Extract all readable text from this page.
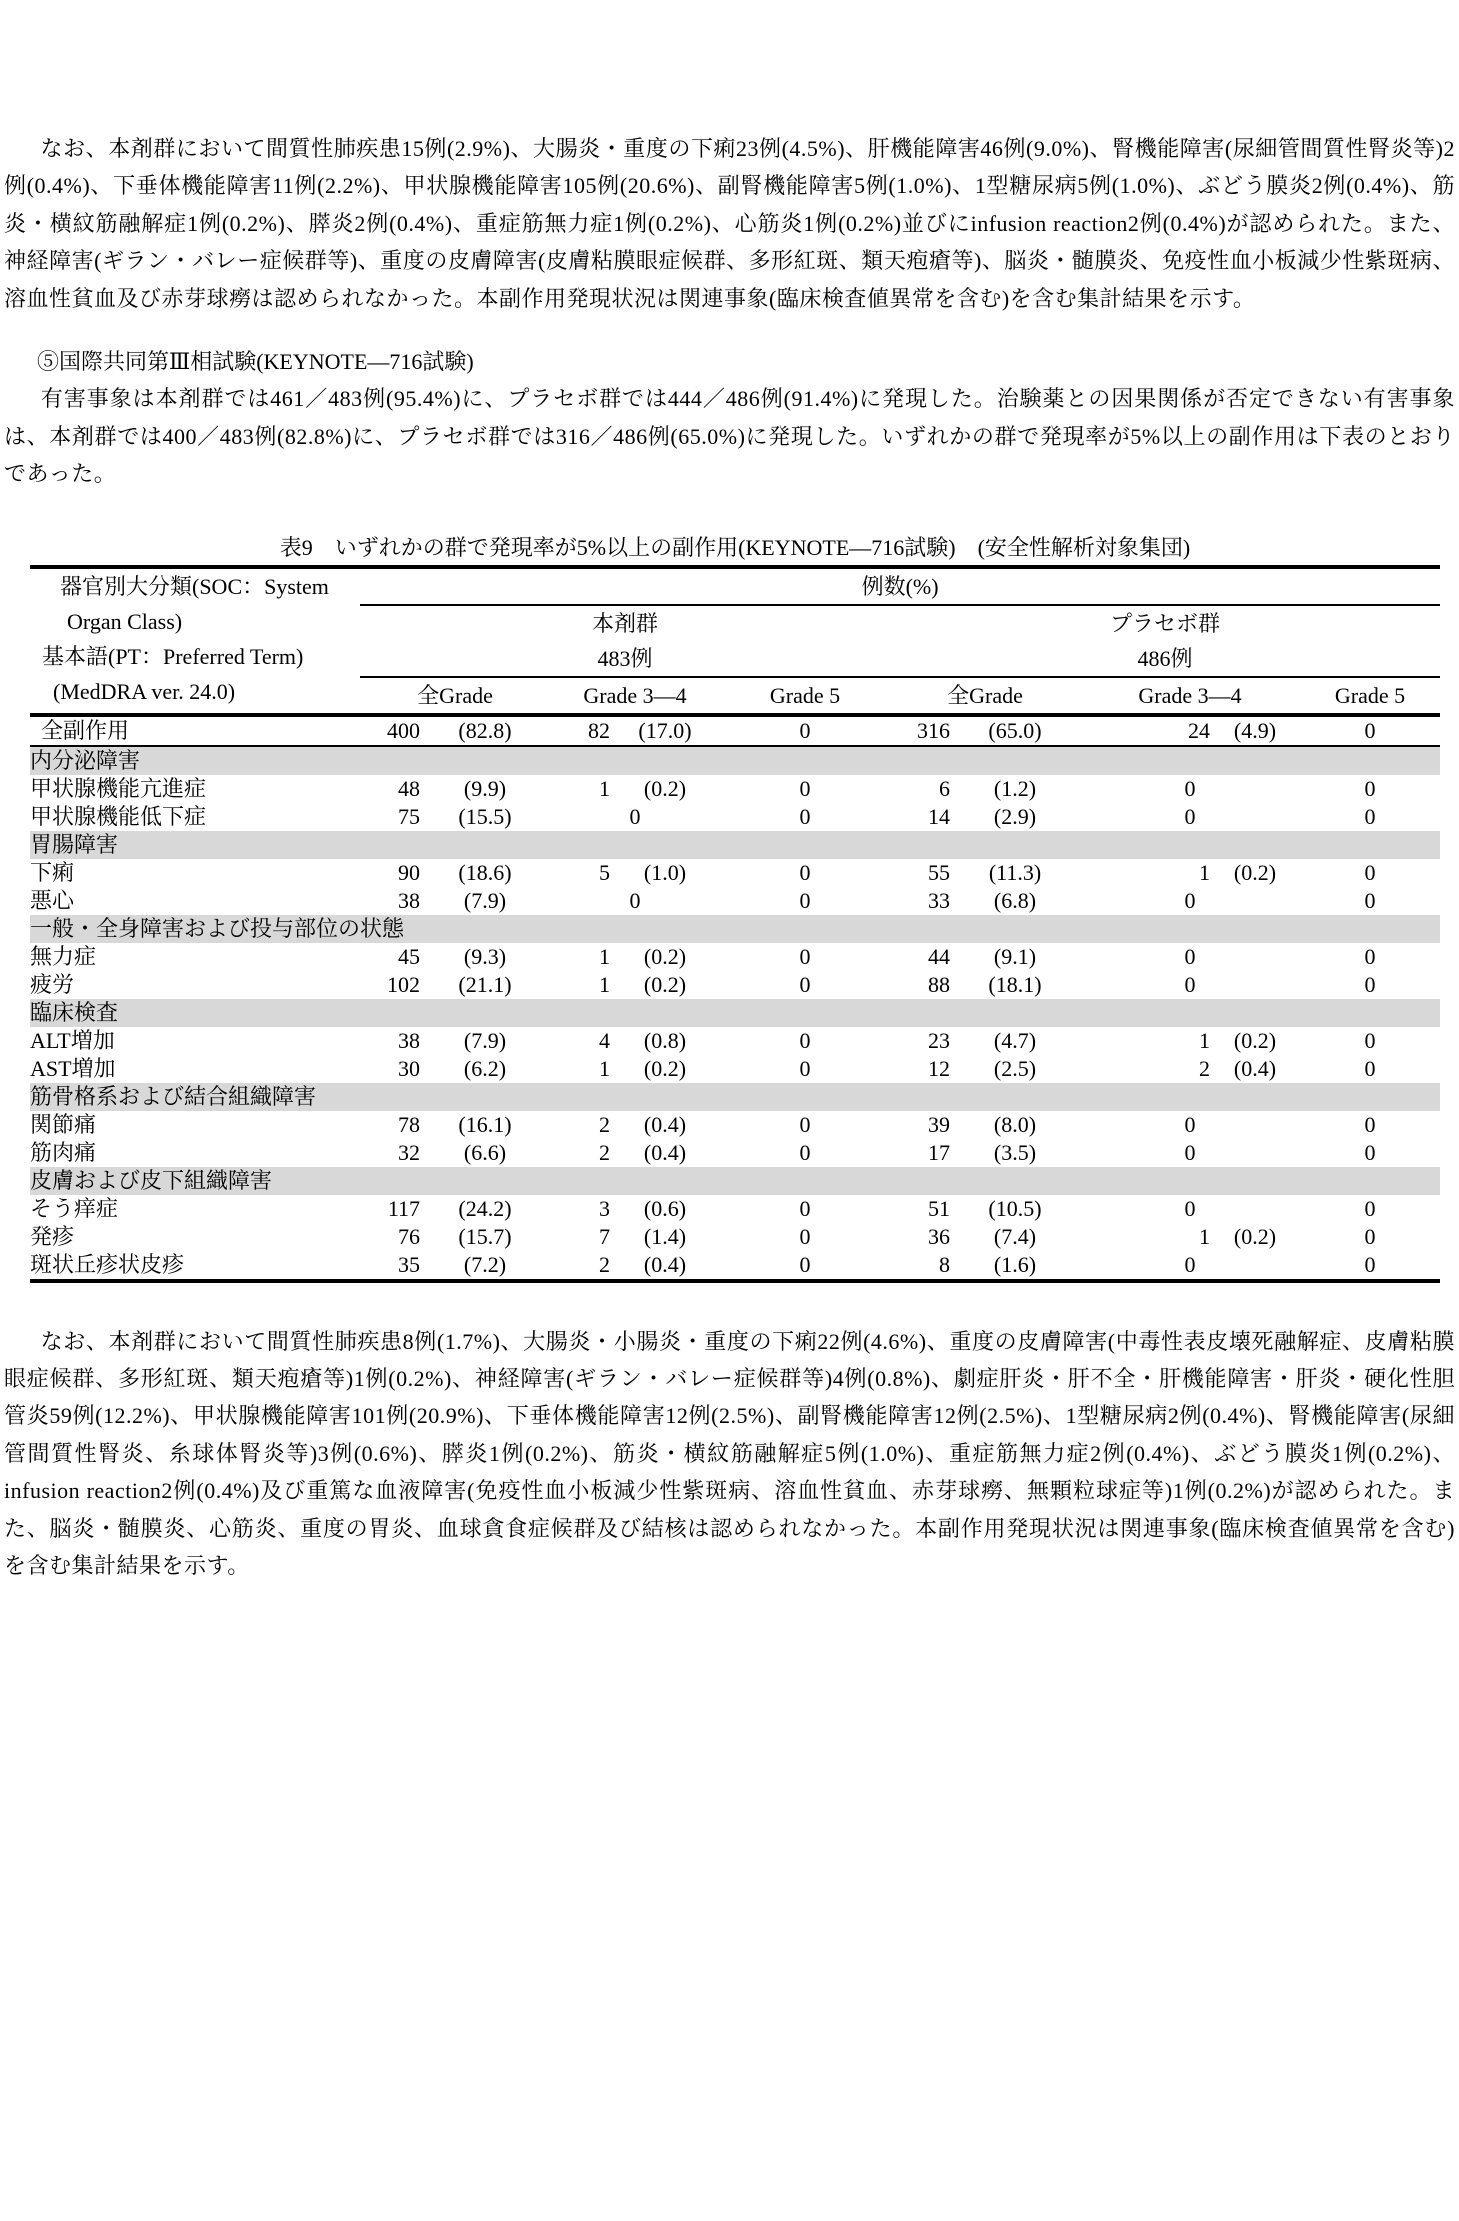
　なお、本剤群において間質性肺疾患15例(2.9%)、大腸炎・重度の下痢23例(4.5%)、肝機能障害46例(9.0%)、腎機能障害(尿細管間質性腎炎等)2例(0.4%)、下垂体機能障害11例(2.2%)、甲状腺機能障害105例(20.6%)、副腎機能障害5例(1.0%)、1型糖尿病5例(1.0%)、ぶどう膜炎2例(0.4%)、筋炎・横紋筋融解症1例(0.2%)、膵炎2例(0.4%)、重症筋無力症1例(0.2%)、心筋炎1例(0.2%)並びにinfusion reaction2例(0.4%)が認められた。また、神経障害(ギラン・バレー症候群等)、重度の皮膚障害(皮膚粘膜眼症候群、多形紅斑、類天疱瘡等)、脳炎・髄膜炎、免疫性血小板減少性紫斑病、溶血性貧血及び赤芽球癆は認められなかった。本副作用発現状況は関連事象(臨床検査値異常を含む)を含む集計結果を示す。

⑤国際共同第Ⅲ相試験(KEYNOTE—716試験)

　有害事象は本剤群では461／483例(95.4%)に、プラセボ群では444／486例(91.4%)に発現した。治験薬との因果関係が否定できない有害事象は、本剤群では400／483例(82.8%)に、プラセボ群では316／486例(65.0%)に発現した。いずれかの群で発現率が5%以上の副作用は下表のとおりであった。

表9　いずれかの群で発現率が5%以上の副作用(KEYNOTE—716試験)　(安全性解析対象集団)
器官別大分類(SOC：System
Organ Class)
基本語(PT：Preferred Term)
(MedDRA ver. 24.0)	例数(%)									
	本剤群					プラセボ群				
	483例					486例				
	全Grade		Grade 3—4		Grade 5	全Grade		Grade 3—4		Grade 5
全副作用	400	(82.8)	82	(17.0)	0	316	(65.0)	24	(4.9)	0
内分泌障害										
甲状腺機能亢進症	48	(9.9)	1	(0.2)	0	6	(1.2)	0		0
甲状腺機能低下症	75	(15.5)	0		0	14	(2.9)	0		0
胃腸障害										
下痢	90	(18.6)	5	(1.0)	0	55	(11.3)	1	(0.2)	0
悪心	38	(7.9)	0		0	33	(6.8)	0		0
一般・全身障害および投与部位の状態										
無力症	45	(9.3)	1	(0.2)	0	44	(9.1)	0		0
疲労	102	(21.1)	1	(0.2)	0	88	(18.1)	0		0
臨床検査										
ALT増加	38	(7.9)	4	(0.8)	0	23	(4.7)	1	(0.2)	0
AST増加	30	(6.2)	1	(0.2)	0	12	(2.5)	2	(0.4)	0
筋骨格系および結合組織障害										
関節痛	78	(16.1)	2	(0.4)	0	39	(8.0)	0		0
筋肉痛	32	(6.6)	2	(0.4)	0	17	(3.5)	0		0
皮膚および皮下組織障害										
そう痒症	117	(24.2)	3	(0.6)	0	51	(10.5)	0		0
発疹	76	(15.7)	7	(1.4)	0	36	(7.4)	1	(0.2)	0
斑状丘疹状皮疹	35	(7.2)	2	(0.4)	0	8	(1.6)	0		0

　なお、本剤群において間質性肺疾患8例(1.7%)、大腸炎・小腸炎・重度の下痢22例(4.6%)、重度の皮膚障害(中毒性表皮壊死融解症、皮膚粘膜眼症候群、多形紅斑、類天疱瘡等)1例(0.2%)、神経障害(ギラン・バレー症候群等)4例(0.8%)、劇症肝炎・肝不全・肝機能障害・肝炎・硬化性胆管炎59例(12.2%)、甲状腺機能障害101例(20.9%)、下垂体機能障害12例(2.5%)、副腎機能障害12例(2.5%)、1型糖尿病2例(0.4%)、腎機能障害(尿細管間質性腎炎、糸球体腎炎等)3例(0.6%)、膵炎1例(0.2%)、筋炎・横紋筋融解症5例(1.0%)、重症筋無力症2例(0.4%)、ぶどう膜炎1例(0.2%)、infusion reaction2例(0.4%)及び重篤な血液障害(免疫性血小板減少性紫斑病、溶血性貧血、赤芽球癆、無顆粒球症等)1例(0.2%)が認められた。また、脳炎・髄膜炎、心筋炎、重度の胃炎、血球貪食症候群及び結核は認められなかった。本副作用発現状況は関連事象(臨床検査値異常を含む)を含む集計結果を示す。
